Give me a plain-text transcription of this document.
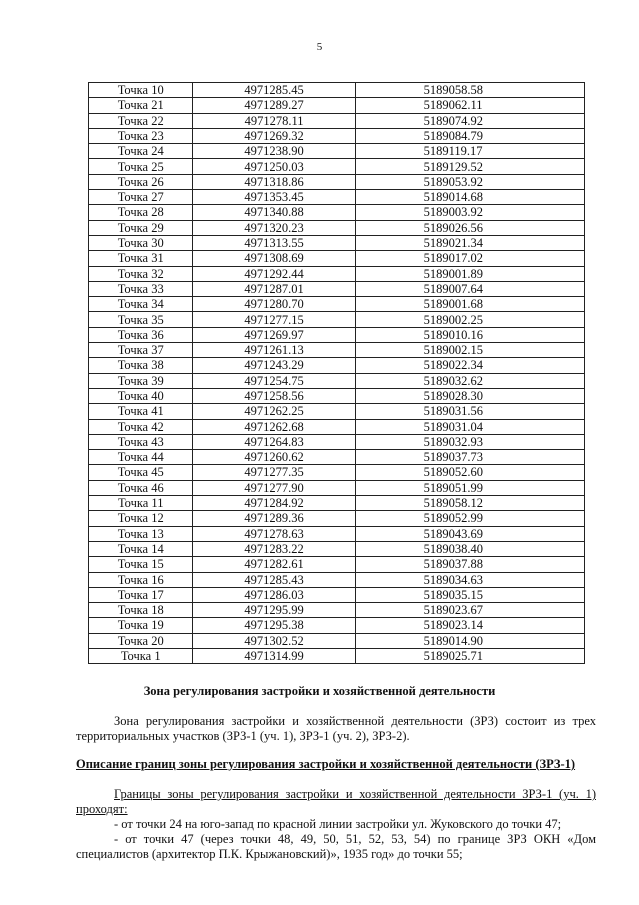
5
Точка 10	4971285.45	5189058.58
Точка 21	4971289.27	5189062.11
Точка 22	4971278.11	5189074.92
Точка 23	4971269.32	5189084.79
Точка 24	4971238.90	5189119.17
Точка 25	4971250.03	5189129.52
Точка 26	4971318.86	5189053.92
Точка 27	4971353.45	5189014.68
Точка 28	4971340.88	5189003.92
Точка 29	4971320.23	5189026.56
Точка 30	4971313.55	5189021.34
Точка 31	4971308.69	5189017.02
Точка 32	4971292.44	5189001.89
Точка 33	4971287.01	5189007.64
Точка 34	4971280.70	5189001.68
Точка 35	4971277.15	5189002.25
Точка 36	4971269.97	5189010.16
Точка 37	4971261.13	5189002.15
Точка 38	4971243.29	5189022.34
Точка 39	4971254.75	5189032.62
Точка 40	4971258.56	5189028.30
Точка 41	4971262.25	5189031.56
Точка 42	4971262.68	5189031.04
Точка 43	4971264.83	5189032.93
Точка 44	4971260.62	5189037.73
Точка 45	4971277.35	5189052.60
Точка 46	4971277.90	5189051.99
Точка 11	4971284.92	5189058.12
Точка 12	4971289.36	5189052.99
Точка 13	4971278.63	5189043.69
Точка 14	4971283.22	5189038.40
Точка 15	4971282.61	5189037.88
Точка 16	4971285.43	5189034.63
Точка 17	4971286.03	5189035.15
Точка 18	4971295.99	5189023.67
Точка 19	4971295.38	5189023.14
Точка 20	4971302.52	5189014.90
Точка 1	4971314.99	5189025.71
Зона регулирования застройки и хозяйственной деятельности
Зона регулирования застройки и хозяйственной деятельности (ЗРЗ) состоит из трех территориальных участков (ЗРЗ-1 (уч. 1), ЗРЗ-1 (уч. 2), ЗРЗ-2).
Описание границ зоны регулирования застройки и хозяйственной деятельности (ЗРЗ-1)
Границы зоны регулирования застройки и хозяйственной деятельности ЗРЗ-1 (уч. 1) проходят:
- от точки 24 на юго-запад по красной линии застройки ул. Жуковского до точки 47;
- от точки 47 (через точки 48, 49, 50, 51, 52, 53, 54) по границе ЗРЗ ОКН «Дом специалистов (архитектор П.К. Крыжановский)», 1935 год» до точки 55;
